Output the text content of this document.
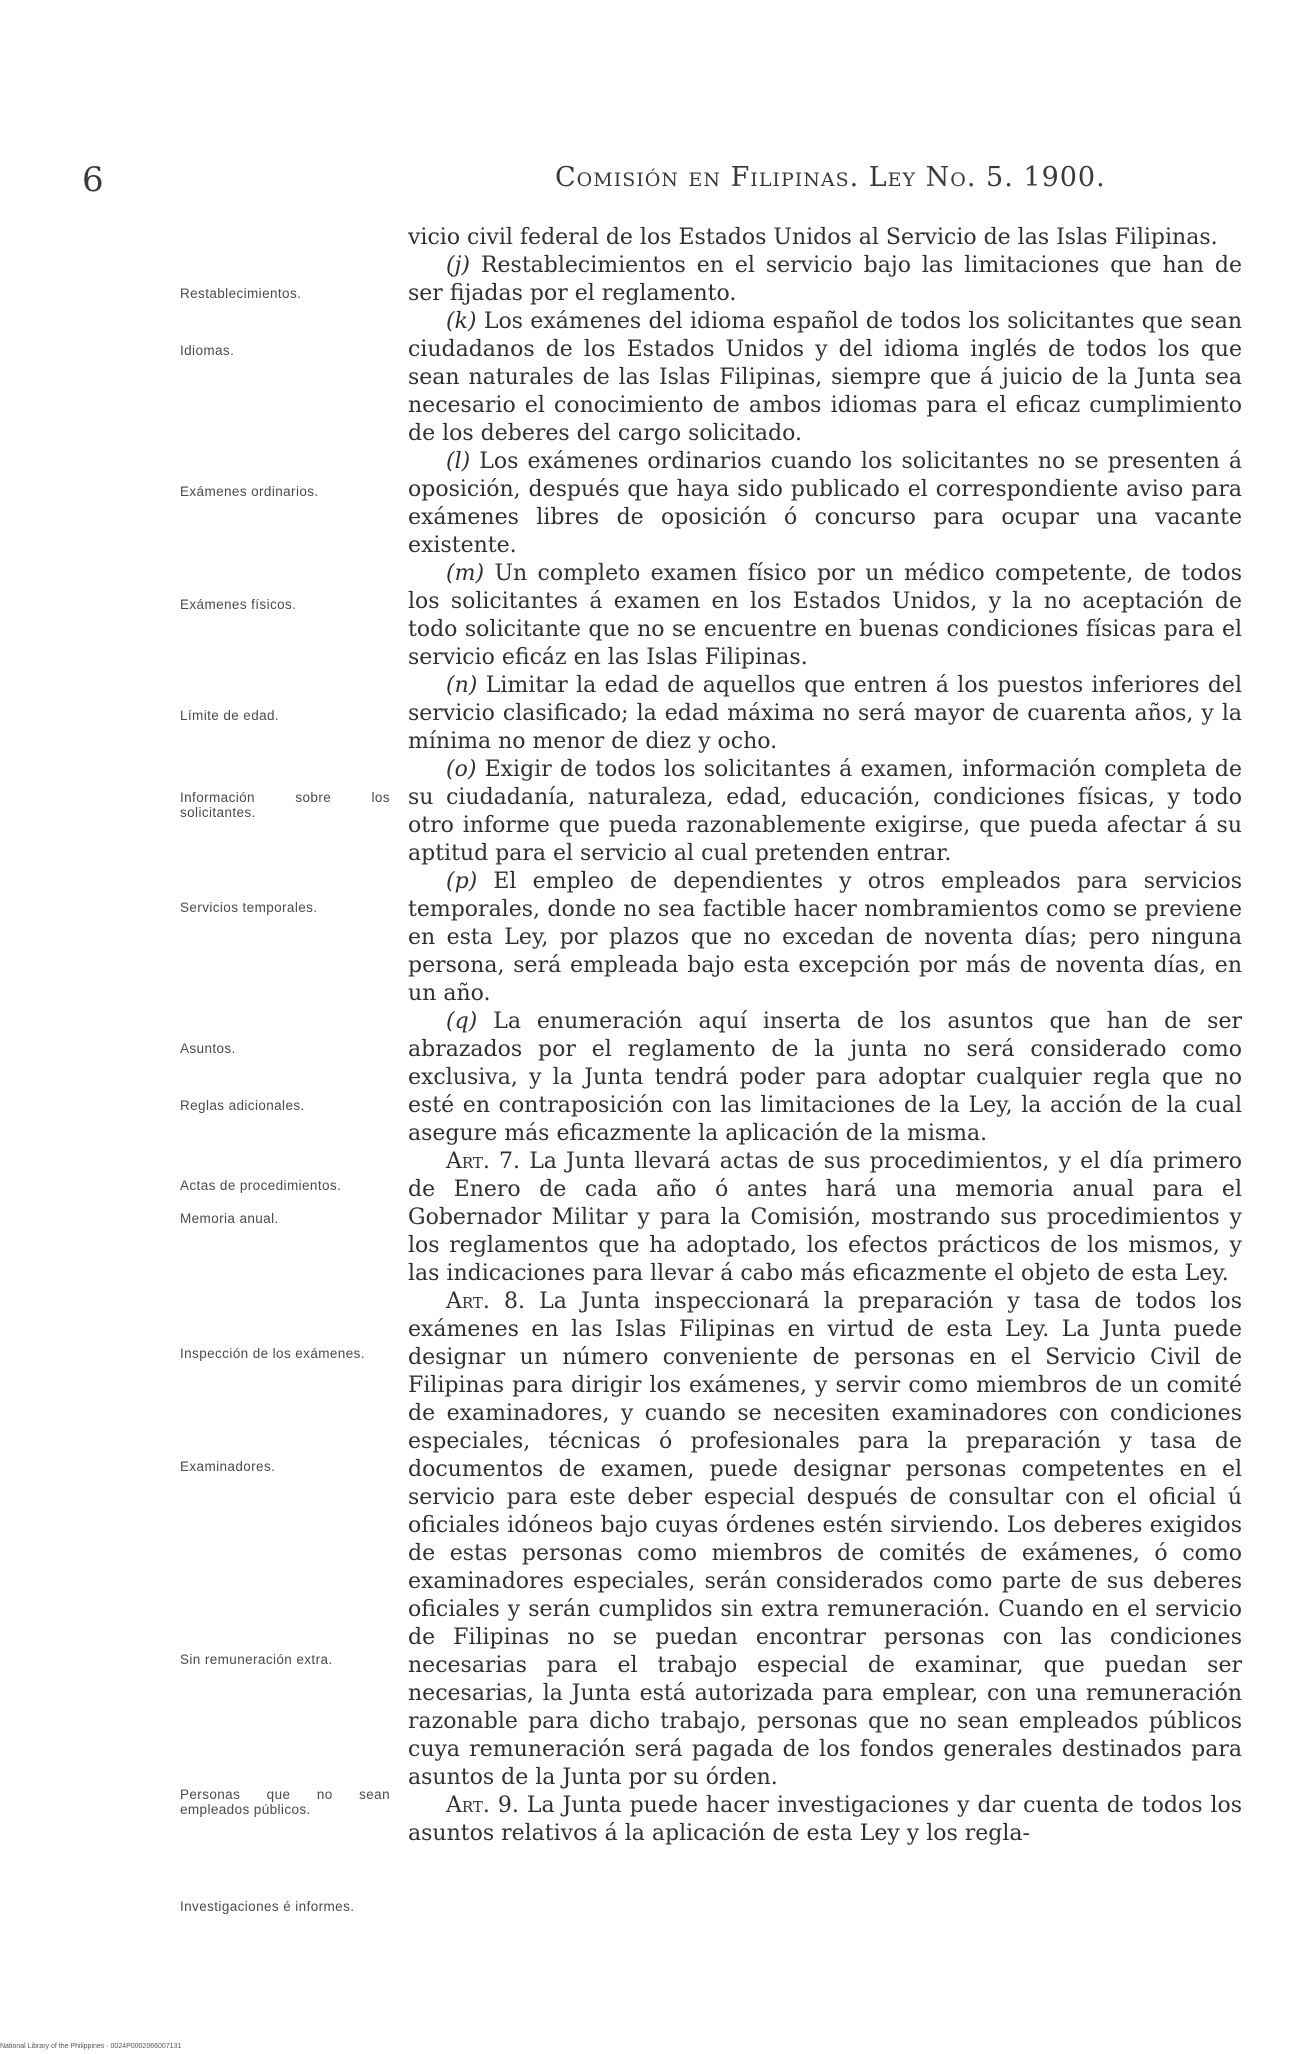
6	Comisión en Filipinas. Ley No. 5. 1900.
Restablecimientos.
Idiomas.
Exámenes ordinarios.
Exámenes físicos.
Límite de edad.
Información sobre los solicitantes.
Servicios temporales.
Asuntos.
Reglas adicionales.
Actas de procedimientos.
Memoria anual.
Inspección de los exámenes.
Examinadores.
Sin remuneración extra.
Personas que no sean empleados públicos.
Investigaciones é informes.

vicio civil federal de los Estados Unidos al Servicio de las Islas Filipinas.

(j) Restablecimientos en el servicio bajo las limitaciones que han de ser fijadas por el reglamento.

(k) Los exámenes del idioma español de todos los solicitantes que sean ciudadanos de los Estados Unidos y del idioma inglés de todos los que sean naturales de las Islas Filipinas, siempre que á juicio de la Junta sea necesario el conocimiento de ambos idiomas para el eficaz cumplimiento de los deberes del cargo solicitado.

(l) Los exámenes ordinarios cuando los solicitantes no se presenten á oposición, después que haya sido publicado el correspondiente aviso para exámenes libres de oposición ó concurso para ocupar una vacante existente.

(m) Un completo examen físico por un médico competente, de todos los solicitantes á examen en los Estados Unidos, y la no aceptación de todo solicitante que no se encuentre en buenas condiciones físicas para el servicio eficáz en las Islas Filipinas.

(n) Limitar la edad de aquellos que entren á los puestos inferiores del servicio clasificado; la edad máxima no será mayor de cuarenta años, y la mínima no menor de diez y ocho.

(o) Exigir de todos los solicitantes á examen, información completa de su ciudadanía, naturaleza, edad, educación, condiciones físicas, y todo otro informe que pueda razonablemente exigirse, que pueda afectar á su aptitud para el servicio al cual pretenden entrar.

(p) El empleo de dependientes y otros empleados para servicios temporales, donde no sea factible hacer nombramientos como se previene en esta Ley, por plazos que no excedan de noventa días; pero ninguna persona, será empleada bajo esta excepción por más de noventa días, en un año.

(q) La enumeración aquí inserta de los asuntos que han de ser abrazados por el reglamento de la junta no será considerado como exclusiva, y la Junta tendrá poder para adoptar cualquier regla que no esté en contraposición con las limitaciones de la Ley, la acción de la cual asegure más eficazmente la aplicación de la misma.

Art. 7. La Junta llevará actas de sus procedimientos, y el día primero de Enero de cada año ó antes hará una memoria anual para el Gobernador Militar y para la Comisión, mostrando sus procedimientos y los reglamentos que ha adoptado, los efectos prácticos de los mismos, y las indicaciones para llevar á cabo más eficazmente el objeto de esta Ley.

Art. 8. La Junta inspeccionará la preparación y tasa de todos los exámenes en las Islas Filipinas en virtud de esta Ley. La Junta puede designar un número conveniente de personas en el Servicio Civil de Filipinas para dirigir los exámenes, y servir como miembros de un comité de examinadores, y cuando se necesiten examinadores con condiciones especiales, técnicas ó profesionales para la preparación y tasa de documentos de examen, puede designar personas competentes en el servicio para este deber especial después de consultar con el oficial ú oficiales idóneos bajo cuyas órdenes estén sirviendo. Los deberes exigidos de estas personas como miembros de comités de exámenes, ó como examinadores especiales, serán considerados como parte de sus deberes oficiales y serán cumplidos sin extra remuneración. Cuando en el servicio de Filipinas no se puedan encontrar personas con las condiciones necesarias para el trabajo especial de examinar, que puedan ser necesarias, la Junta está autorizada para emplear, con una remuneración razonable para dicho trabajo, personas que no sean empleados públicos cuya remuneración será pagada de los fondos generales destinados para asuntos de la Junta por su órden.

Art. 9. La Junta puede hacer investigaciones y dar cuenta de todos los asuntos relativos á la aplicación de esta Ley y los regla-

National Library of the Philippines · 0024P0002066007131
